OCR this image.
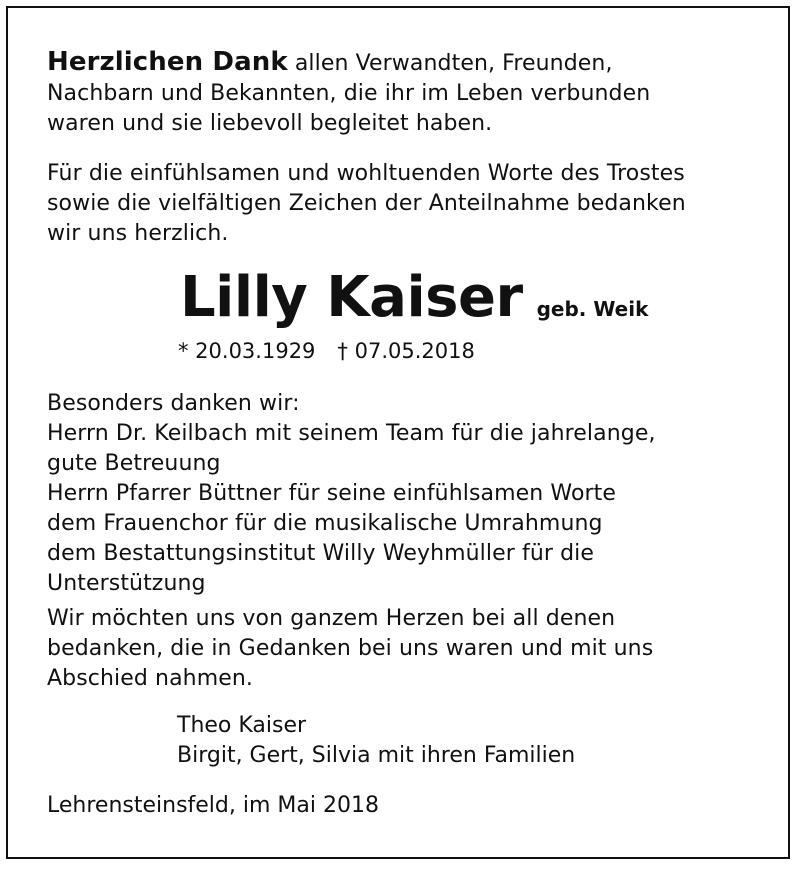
Herzlichen Dank allen Verwandten, Freunden,

Nachbarn und Bekannten, die ihr im Leben verbunden

waren und sie liebevoll begleitet haben.

Für die einfühlsamen und wohltuenden Worte des Trostes

sowie die vielfältigen Zeichen der Anteilnahme bedanken

wir uns herzlich.

Lilly Kaiser geb. Weik
* 20.03.1929 † 07.05.2018

Besonders danken wir:

Herrn Dr. Keilbach mit seinem Team für die jahrelange,

gute Betreuung

Herrn Pfarrer Büttner für seine einfühlsamen Worte

dem Frauenchor für die musikalische Umrahmung

dem Bestattungsinstitut Willy Weyhmüller für die

Unterstützung

Wir möchten uns von ganzem Herzen bei all denen

bedanken, die in Gedanken bei uns waren und mit uns

Abschied nahmen.

Theo Kaiser

Birgit, Gert, Silvia mit ihren Familien

Lehrensteinsfeld, im Mai 2018
